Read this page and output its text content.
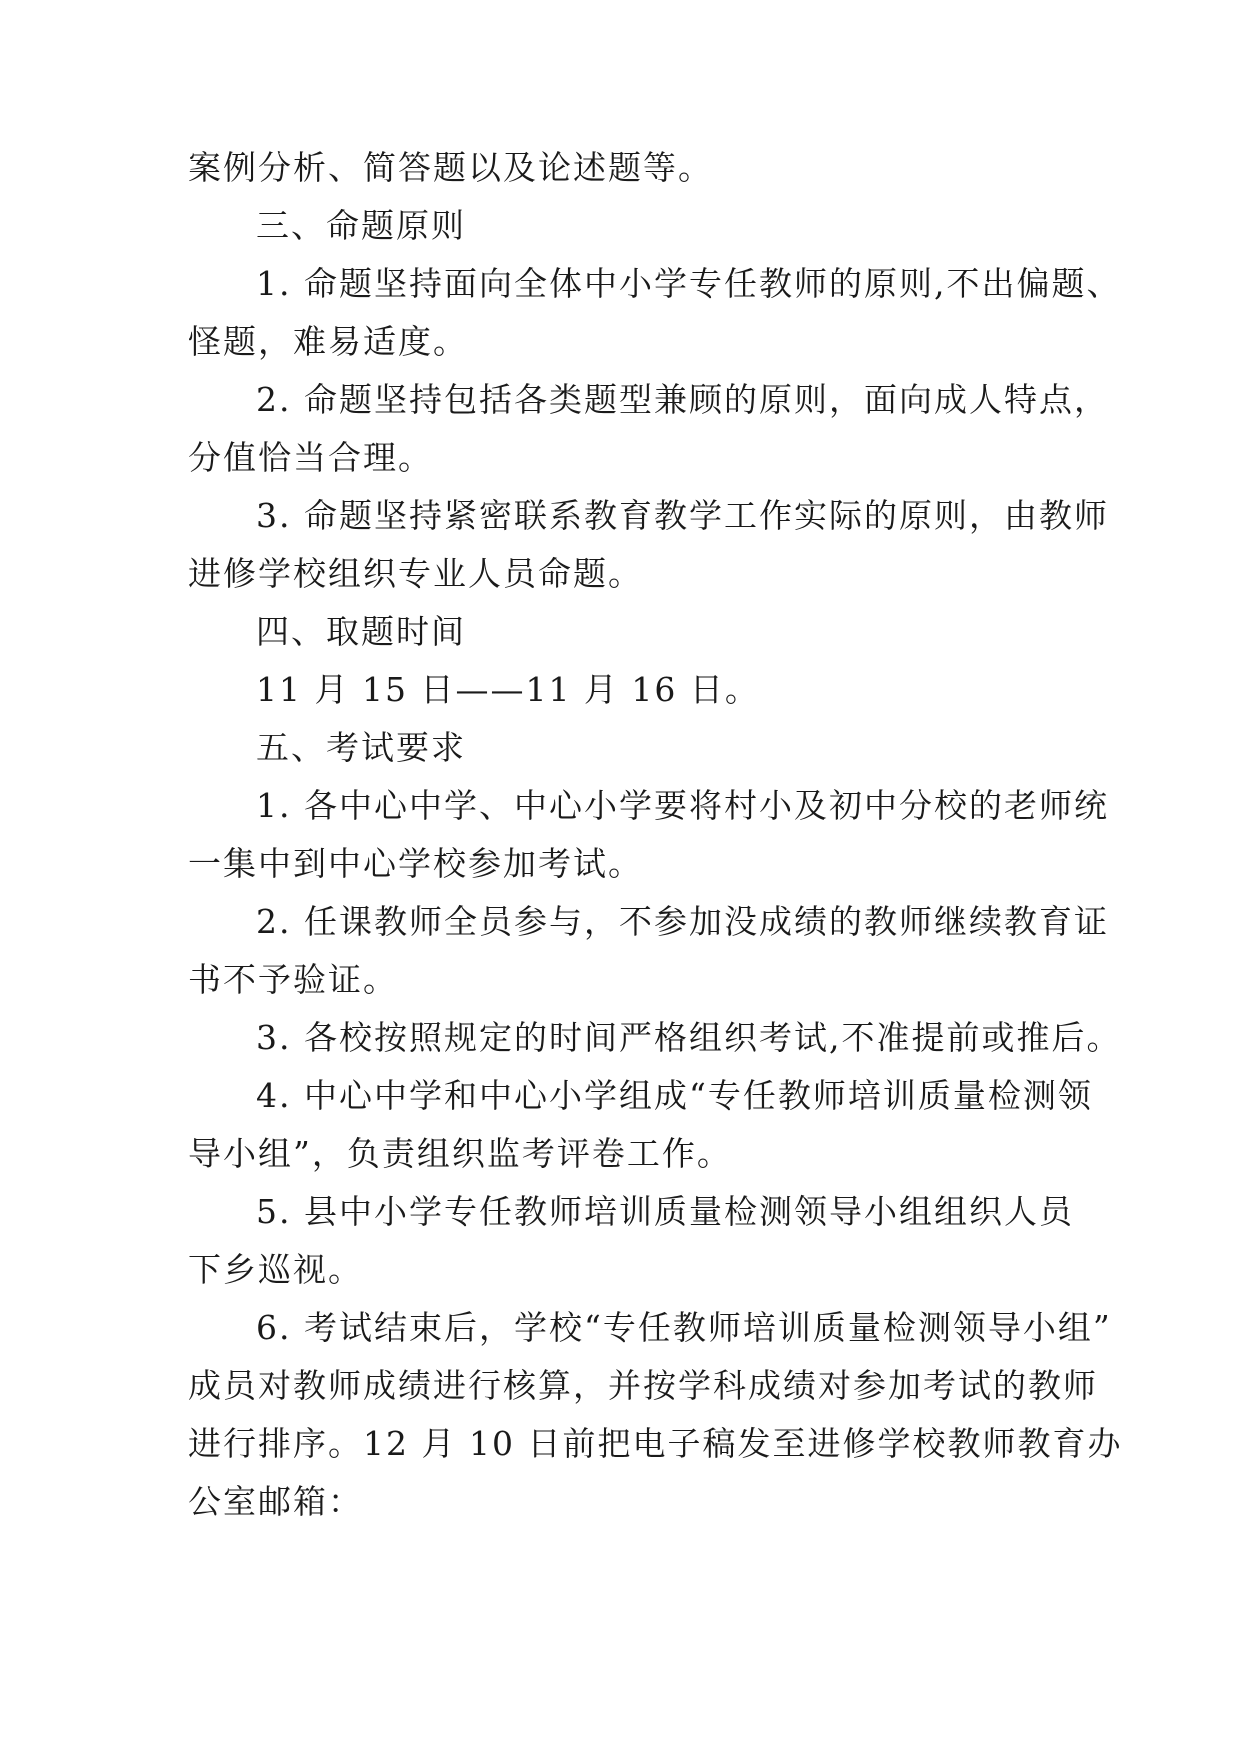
案例分析、简答题以及论述题等。
三、命题原则
1. 命题坚持面向全体中小学专任教师的原则,不出偏题、
怪题，难易适度。
2. 命题坚持包括各类题型兼顾的原则，面向成人特点，
分值恰当合理。
3. 命题坚持紧密联系教育教学工作实际的原则，由教师
进修学校组织专业人员命题。
四、取题时间
11 月 15 日——11 月 16 日。
五、考试要求
1. 各中心中学、中心小学要将村小及初中分校的老师统
一集中到中心学校参加考试。
2. 任课教师全员参与，不参加没成绩的教师继续教育证
书不予验证。
3. 各校按照规定的时间严格组织考试,不准提前或推后。
4. 中心中学和中心小学组成“专任教师培训质量检测领
导小组”，负责组织监考评卷工作。
5. 县中小学专任教师培训质量检测领导小组组织人员
下乡巡视。
6. 考试结束后，学校“专任教师培训质量检测领导小组”
成员对教师成绩进行核算，并按学科成绩对参加考试的教师
进行排序。12 月 10 日前把电子稿发至进修学校教师教育办
公室邮箱：
